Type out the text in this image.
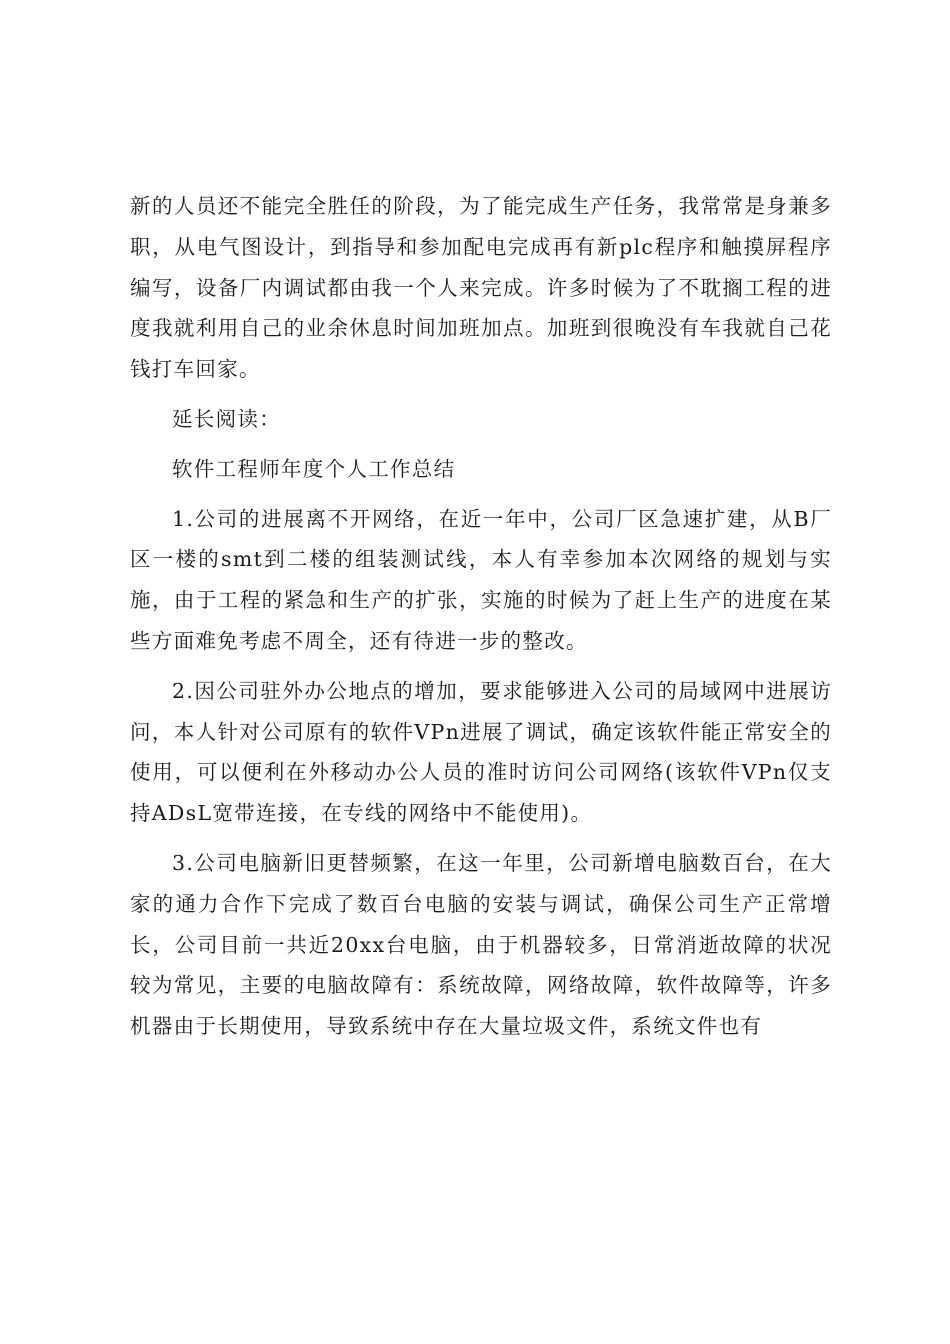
新的人员还不能完全胜任的阶段，为了能完成生产任务，我常常是身兼多职，从电气图设计，到指导和参加配电完成再有新plc程序和触摸屏程序编写，设备厂内调试都由我一个人来完成。许多时候为了不耽搁工程的进度我就利用自己的业余休息时间加班加点。加班到很晚没有车我就自己花钱打车回家。

延长阅读：

软件工程师年度个人工作总结

1.公司的进展离不开网络，在近一年中，公司厂区急速扩建，从B厂区一楼的smt到二楼的组装测试线，本人有幸参加本次网络的规划与实施，由于工程的紧急和生产的扩张，实施的时候为了赶上生产的进度在某些方面难免考虑不周全，还有待进一步的整改。

2.因公司驻外办公地点的增加，要求能够进入公司的局域网中进展访问，本人针对公司原有的软件VPn进展了调试，确定该软件能正常安全的使用，可以便利在外移动办公人员的准时访问公司网络(该软件VPn仅支持ADsL宽带连接，在专线的网络中不能使用)。

3.公司电脑新旧更替频繁，在这一年里，公司新增电脑数百台，在大家的通力合作下完成了数百台电脑的安装与调试，确保公司生产正常增长，公司目前一共近20xx台电脑，由于机器较多，日常消逝故障的状况较为常见，主要的电脑故障有：系统故障，网络故障，软件故障等，许多机器由于长期使用，导致系统中存在大量垃圾文件，系统文件也有
